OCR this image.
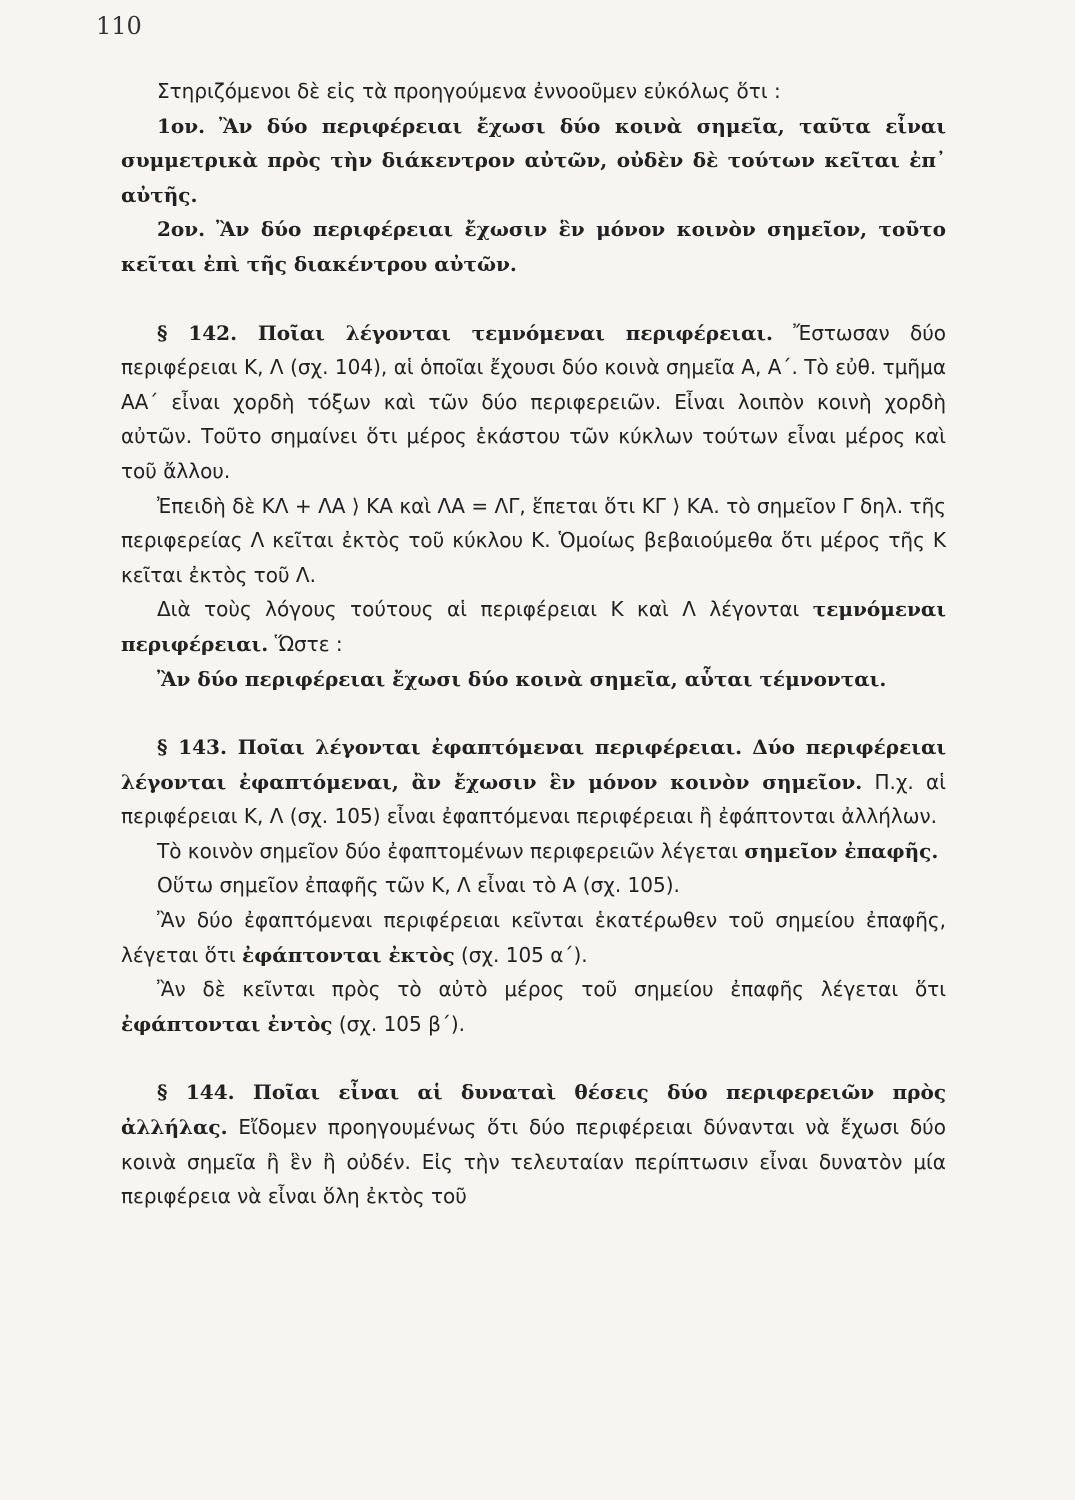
110

Στηριζόμενοι δὲ εἰς τὰ προηγούμενα ἐννοοῦμεν εὐκόλως ὅτι :

1ον. Ἂν δύο περιφέρειαι ἔχωσι δύο κοινὰ σημεῖα, ταῦτα εἶναι συμμετρικὰ πρὸς τὴν διάκεντρον αὐτῶν, οὐδὲν δὲ τούτων κεῖται ἐπ᾿ αὐτῆς.

2ον. Ἂν δύο περιφέρειαι ἔχωσιν ἓν μόνον κοινὸν σημεῖον, τοῦτο κεῖται ἐπὶ τῆς διακέντρου αὐτῶν.

§ 142. Ποῖαι λέγονται τεμνόμεναι περιφέρειαι. Ἔστωσαν δύο περιφέρειαι Κ, Λ (σχ. 104), αἱ ὁποῖαι ἔχουσι δύο κοινὰ σημεῖα Α, Α΄. Τὸ εὐθ. τμῆμα ΑΑ΄ εἶναι χορδὴ τόξων καὶ τῶν δύο περιφερειῶν. Εἶναι λοιπὸν κοινὴ χορδὴ αὐτῶν. Τοῦτο σημαίνει ὅτι μέρος ἑκάστου τῶν κύκλων τούτων εἶναι μέρος καὶ τοῦ ἄλλου.

Ἐπειδὴ δὲ ΚΛ + ΛΑ ⟩ ΚΑ καὶ ΛΑ = ΛΓ, ἕπεται ὅτι ΚΓ ⟩ ΚΑ. τὸ σημεῖον Γ δηλ. τῆς περιφερείας Λ κεῖται ἐκτὸς τοῦ κύκλου Κ. Ὁμοίως βεβαιούμεθα ὅτι μέρος τῆς Κ κεῖται ἐκτὸς τοῦ Λ.

Διὰ τοὺς λόγους τούτους αἱ περιφέρειαι Κ καὶ Λ λέγονται τεμνόμεναι περιφέρειαι. Ὥστε :

Ἂν δύο περιφέρειαι ἔχωσι δύο κοινὰ σημεῖα, αὗται τέμνονται.

§ 143. Ποῖαι λέγονται ἐφαπτόμεναι περιφέρειαι. Δύο περιφέρειαι λέγονται ἐφαπτόμεναι, ἂν ἔχωσιν ἓν μόνον κοινὸν σημεῖον. Π.χ. αἱ περιφέρειαι Κ, Λ (σχ. 105) εἶναι ἐφαπτόμεναι περιφέρειαι ἢ ἐφάπτονται ἀλλήλων.

Τὸ κοινὸν σημεῖον δύο ἐφαπτομένων περιφερειῶν λέγεται σημεῖον ἐπαφῆς.

Οὕτω σημεῖον ἐπαφῆς τῶν Κ, Λ εἶναι τὸ Α (σχ. 105).

Ἂν δύο ἐφαπτόμεναι περιφέρειαι κεῖνται ἑκατέρωθεν τοῦ σημείου ἐπαφῆς, λέγεται ὅτι ἐφάπτονται ἐκτὸς (σχ. 105 α΄).

Ἂν δὲ κεῖνται πρὸς τὸ αὐτὸ μέρος τοῦ σημείου ἐπαφῆς λέγεται ὅτι ἐφάπτονται ἐντὸς (σχ. 105 β΄).

§ 144. Ποῖαι εἶναι αἱ δυναταὶ θέσεις δύο περιφερειῶν πρὸς ἀλλήλας. Εἴδομεν προηγουμένως ὅτι δύο περιφέρειαι δύνανται νὰ ἔχωσι δύο κοινὰ σημεῖα ἢ ἓν ἢ οὐδέν. Εἰς τὴν τελευταίαν περίπτωσιν εἶναι δυνατὸν μία περιφέρεια νὰ εἶναι ὅλη ἐκτὸς τοῦ
